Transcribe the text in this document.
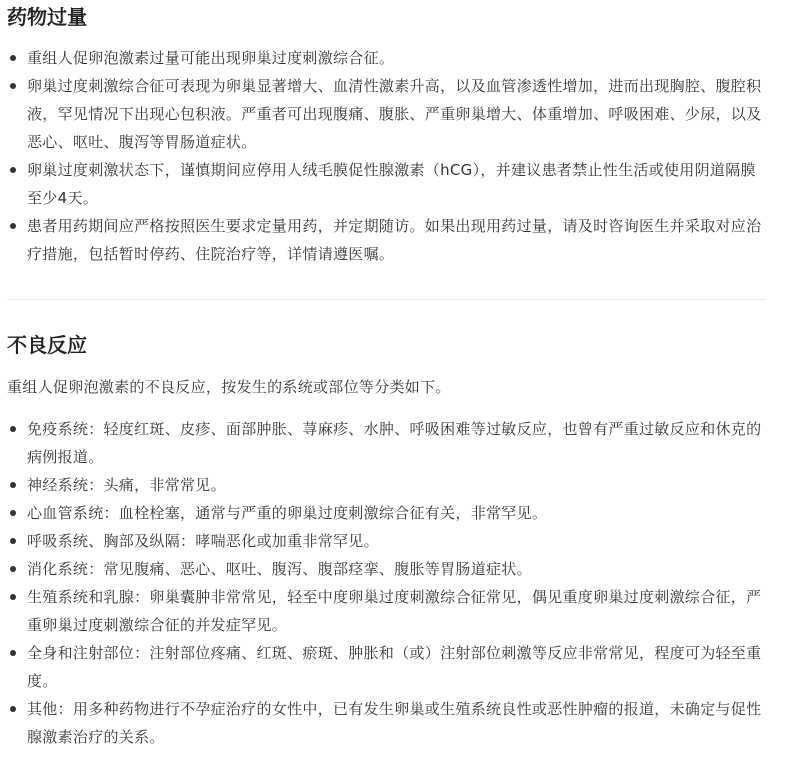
药物过量
重组人促卵泡激素过量可能出现卵巢过度刺激综合征。
卵巢过度刺激综合征可表现为卵巢显著增大、血清性激素升高，以及血管渗透性增加，进而出现胸腔、腹腔积液，罕见情况下出现心包积液。严重者可出现腹痛、腹胀、严重卵巢增大、体重增加、呼吸困难、少尿，以及恶心、呕吐、腹泻等胃肠道症状。
卵巢过度刺激状态下，谨慎期间应停用人绒毛膜促性腺激素（hCG），并建议患者禁止性生活或使用阴道隔膜至少4天。
患者用药期间应严格按照医生要求定量用药，并定期随访。如果出现用药过量，请及时咨询医生并采取对应治疗措施，包括暂时停药、住院治疗等，详情请遵医嘱。
不良反应

重组人促卵泡激素的不良反应，按发生的系统或部位等分类如下。

免疫系统：轻度红斑、皮疹、面部肿胀、荨麻疹、水肿、呼吸困难等过敏反应，也曾有严重过敏反应和休克的病例报道。
神经系统：头痛，非常常见。
心血管系统：血栓栓塞，通常与严重的卵巢过度刺激综合征有关，非常罕见。
呼吸系统、胸部及纵隔：哮喘恶化或加重非常罕见。
消化系统：常见腹痛、恶心、呕吐、腹泻、腹部痉挛、腹胀等胃肠道症状。
生殖系统和乳腺：卵巢囊肿非常常见，轻至中度卵巢过度刺激综合征常见，偶见重度卵巢过度刺激综合征，严重卵巢过度刺激综合征的并发症罕见。
全身和注射部位：注射部位疼痛、红斑、瘀斑、肿胀和（或）注射部位刺激等反应非常常见，程度可为轻至重度。
其他：用多种药物进行不孕症治疗的女性中，已有发生卵巢或生殖系统良性或恶性肿瘤的报道，未确定与促性腺激素治疗的关系。
